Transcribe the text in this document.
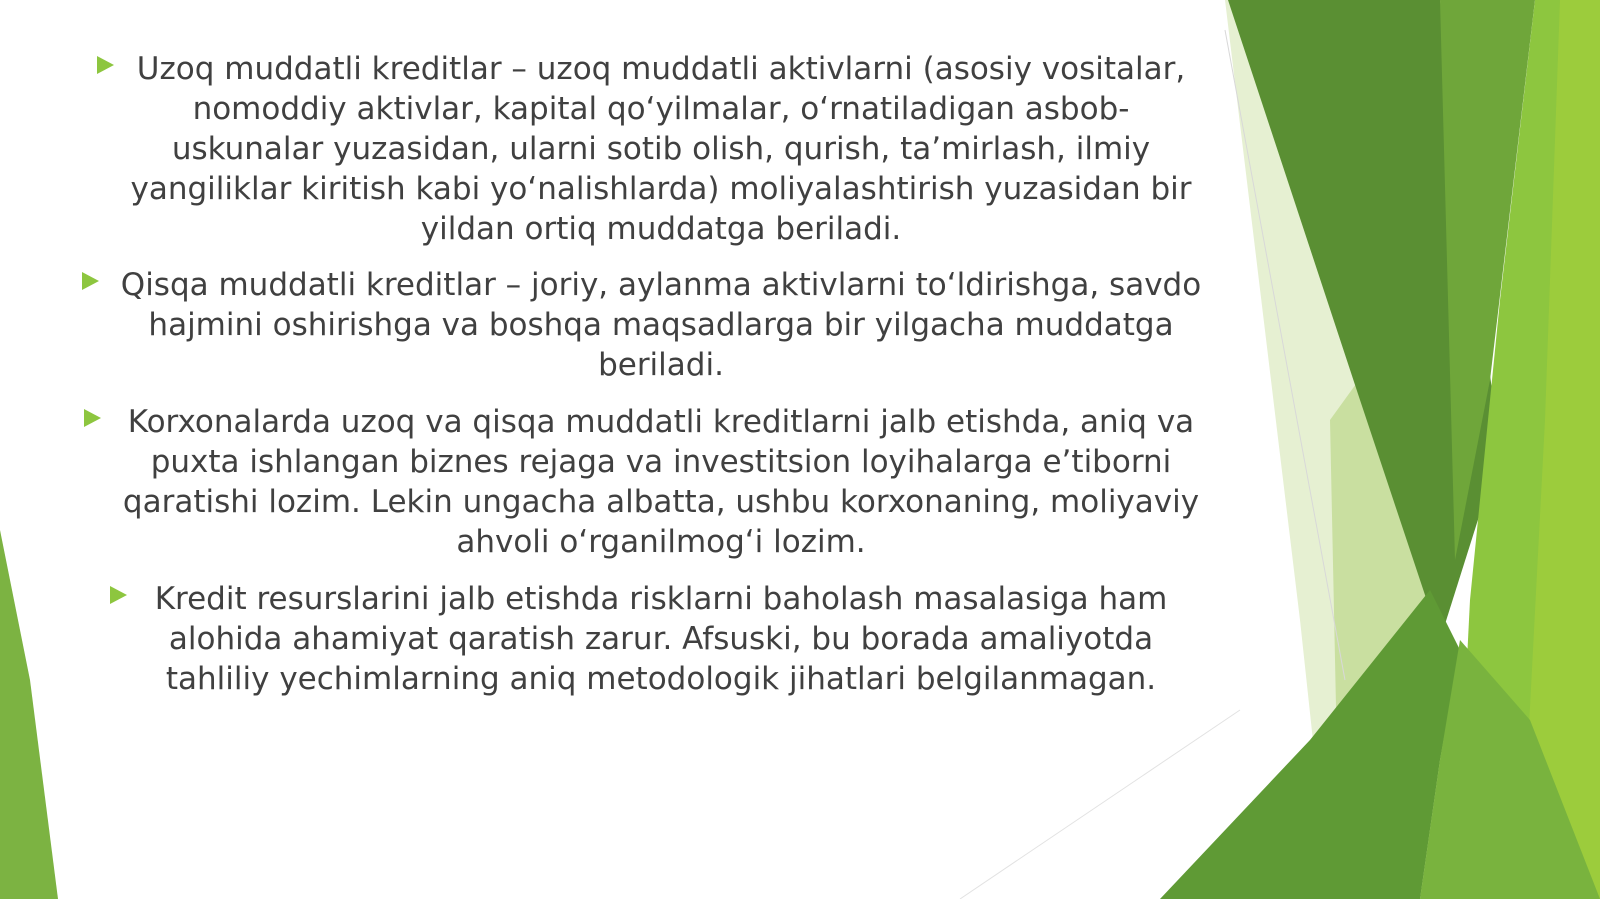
Uzoq muddatli kreditlar – uzoq muddatli aktivlarni (asosiy vositalar, nomoddiy aktivlar, kapital qo‘yilmalar, o‘rnatiladigan asbob-uskunalar yuzasidan, ularni sotib olish, qurish, ta’mirlash, ilmiy yangiliklar kiritish kabi yo‘nalishlarda) moliyalashtirish yuzasidan bir yildan ortiq muddatga beriladi.

Qisqa muddatli kreditlar – joriy, aylanma aktivlarni to‘ldirishga, savdo hajmini oshirishga va boshqa maqsadlarga bir yilgacha muddatga beriladi.

Korxonalarda uzoq va qisqa muddatli kreditlarni jalb etishda, aniq va puxta ishlangan biznes rejaga va investitsion loyihalarga e’tiborni qaratishi lozim. Lekin ungacha albatta, ushbu korxonaning, moliyaviy ahvoli o‘rganilmog‘i lozim.

Kredit resurslarini jalb etishda risklarni baholash masalasiga ham alohida ahamiyat qaratish zarur. Afsuski, bu borada amaliyotda tahliliy yechimlarning aniq metodologik jihatlari belgilanmagan.
